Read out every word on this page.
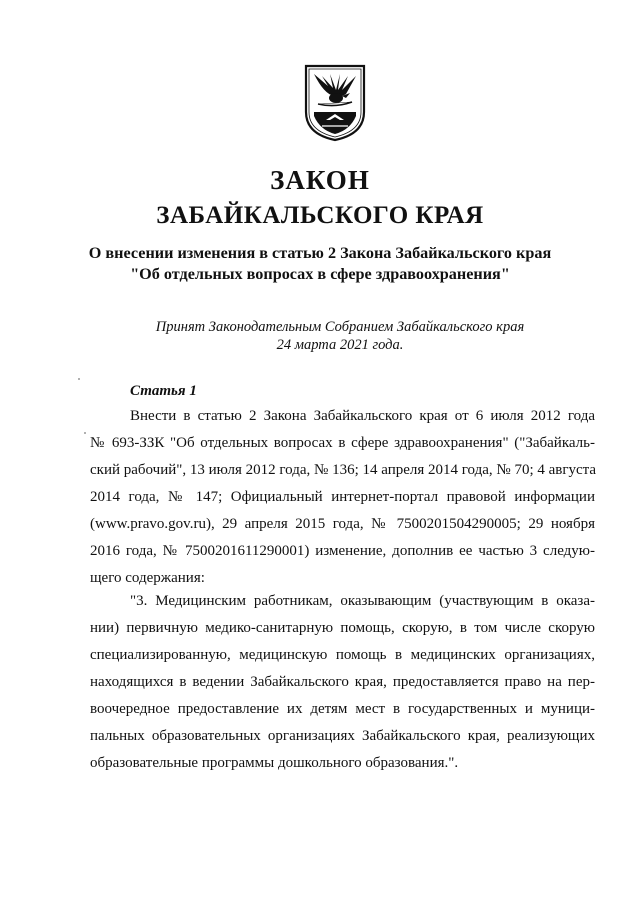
ЗАКОН
ЗАБАЙКАЛЬСКОГО КРАЯ
О внесении изменения в статью 2 Закона Забайкальского края
"Об отдельных вопросах в сфере здравоохранения"
Принят Законодательным Собранием Забайкальского края
24 марта 2021 года.
Статья 1
Внести в статью 2 Закона Забайкальского края от 6 июля 2012 года
№ 693-ЗЗК "Об отдельных вопросах в сфере здравоохранения" ("Забайкаль-
ский рабочий", 13 июля 2012 года, № 136; 14 апреля 2014 года, № 70; 4 августа
2014 года, № 147; Официальный интернет-портал правовой информации
(www.pravo.gov.ru), 29 апреля 2015 года, № 7500201504290005; 29 ноября
2016 года, № 7500201611290001) изменение, дополнив ее частью 3 следую-
щего содержания:
"3. Медицинским работникам, оказывающим (участвующим в оказа-
нии) первичную медико-санитарную помощь, скорую, в том числе скорую
специализированную, медицинскую помощь в медицинских организациях,
находящихся в ведении Забайкальского края, предоставляется право на пер-
воочередное предоставление их детям мест в государственных и муници-
пальных образовательных организациях Забайкальского края, реализующих
образовательные программы дошкольного образования.".
